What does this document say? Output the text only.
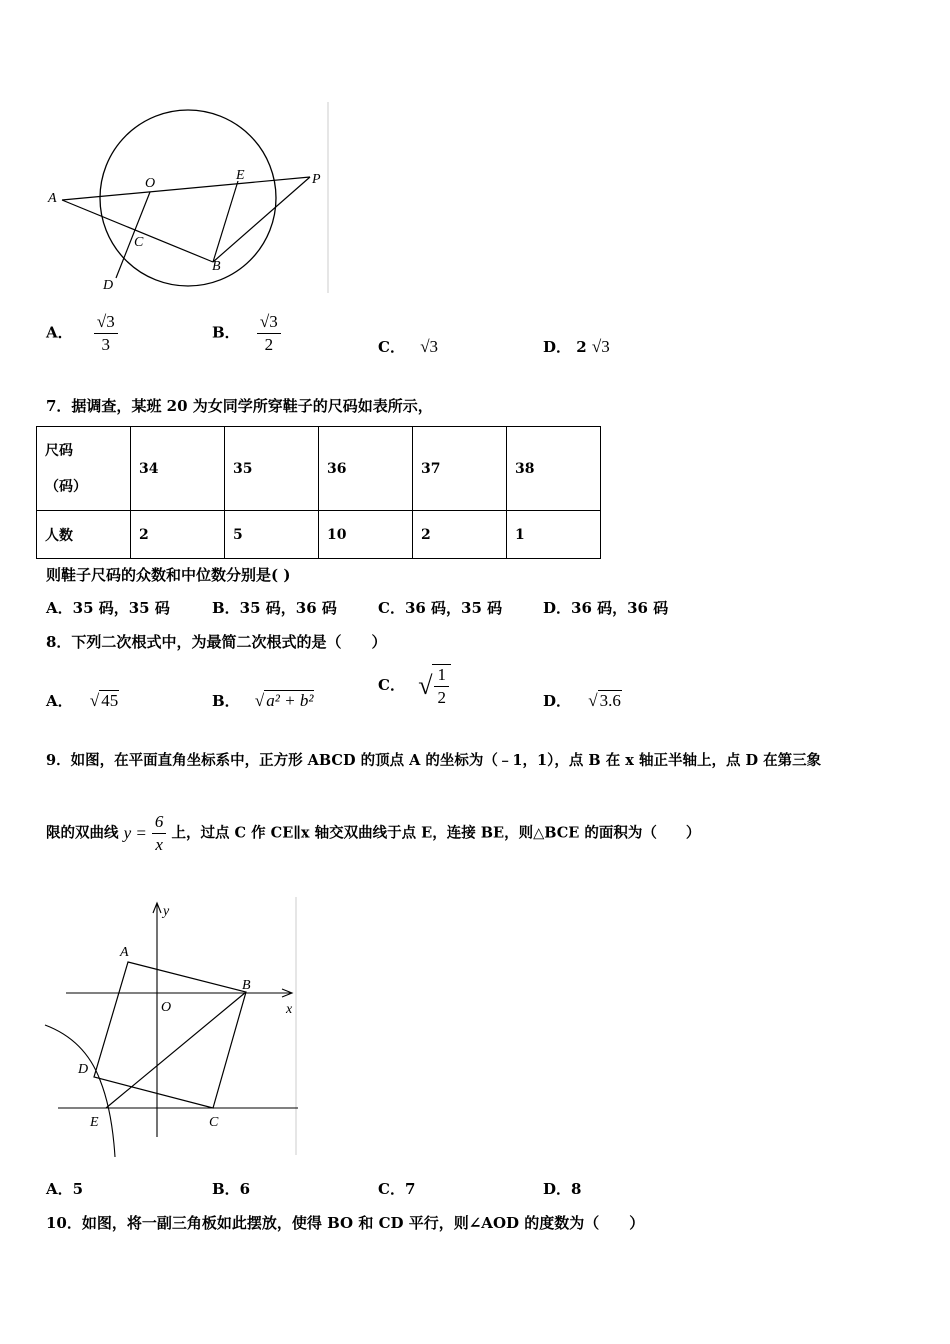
A
O
E	P
C
B
D
A． $\frac{√3}{3}$	B． $\frac{√3}{2}$	C． √3	D． 2 √3
7．据调查，某班 20 为女同学所穿鞋子的尺码如表所示，
尺码
（码）	34	35	36	37	38
人数	2	5	10	2	1
则鞋子尺码的众数和中位数分别是( )
A．35 码，35 码	B．35 码，36 码	C．36 码，35 码	D．36 码，36 码
8．下列二次根式中，为最简二次根式的是（　　）
A． √ 45	B． √ a² + b²
C． √ $\frac{1}{2}$	D． √ 3.6
9．如图，在平面直角坐标系中，正方形 ABCD 的顶点 A 的坐标为（﹣1，1），点 B 在 x 轴正半轴上，点 D 在第三象
限的双曲线 $y = \frac{6}{x}$ 上，过点 C 作 CE∥x 轴交双曲线于点 E，连接 BE，则△BCE 的面积为（　　）
y
A
B
O	x
D
E	C
A．5	B．6	C．7	D．8
10．如图，将一副三角板如此摆放，使得 BO 和 CD 平行，则∠AOD 的度数为（　　）
